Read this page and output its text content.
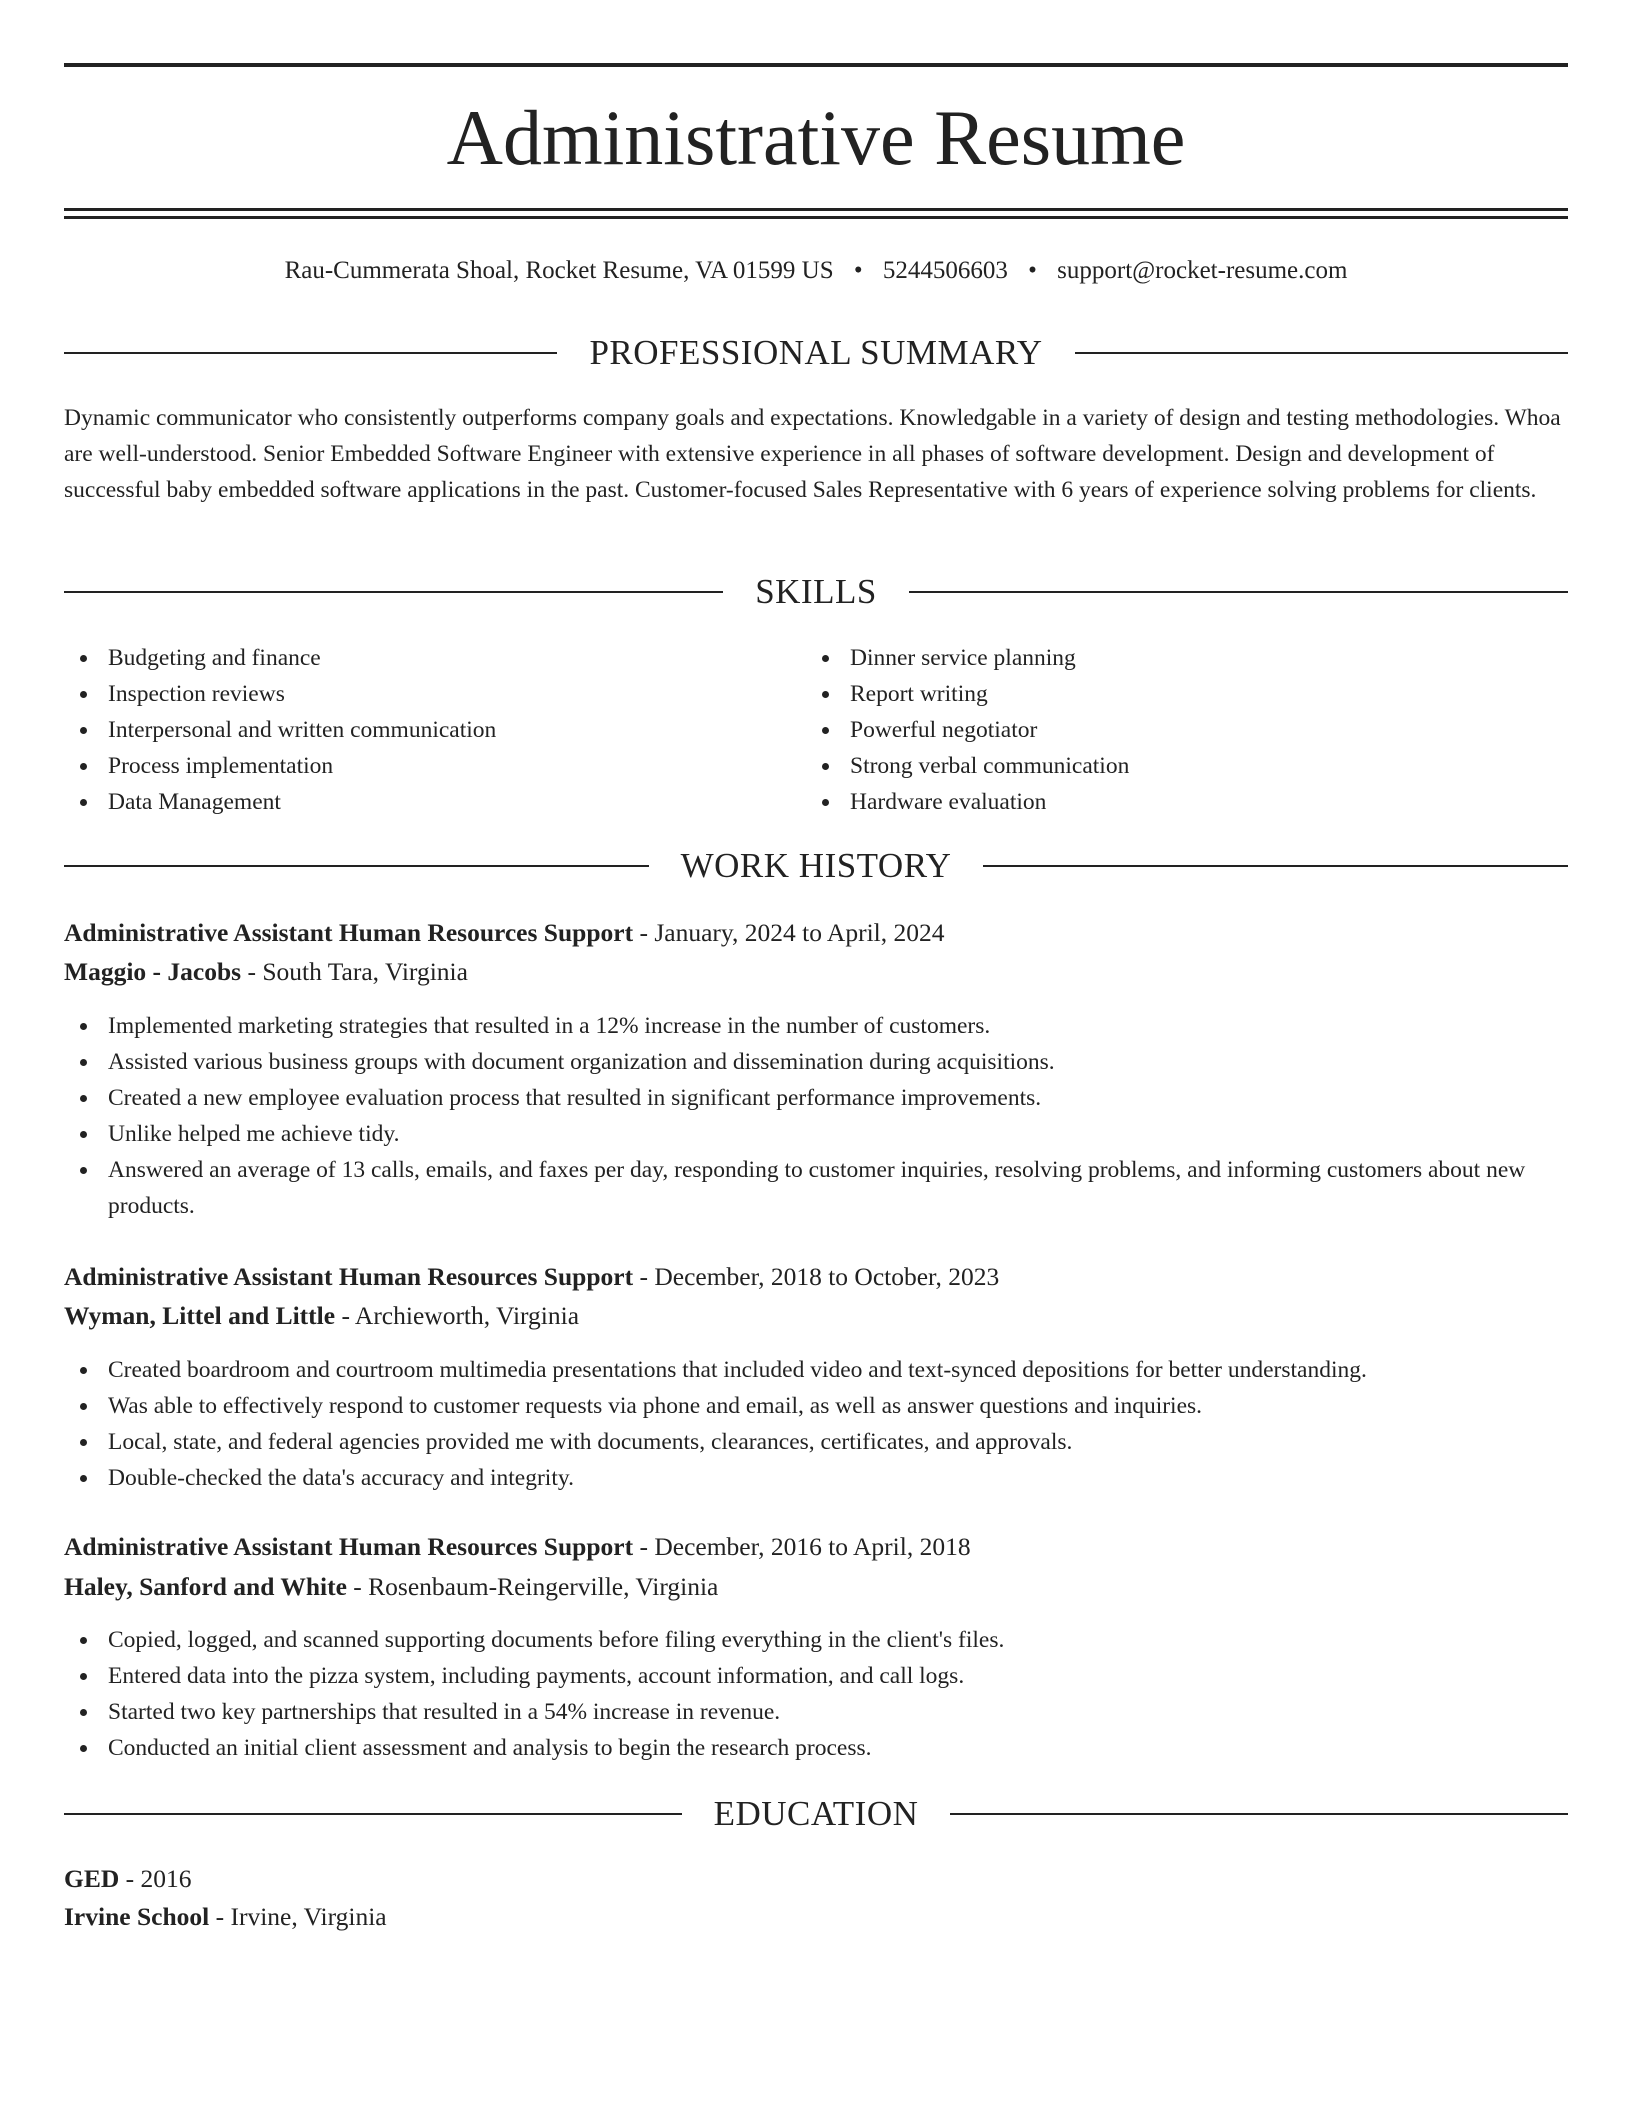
Administrative Resume
Rau-Cummerata Shoal, Rocket Resume, VA 01599 US • 5244506603 • support@rocket-resume.com
PROFESSIONAL SUMMARY

Dynamic communicator who consistently outperforms company goals and expectations. Knowledgable in a variety of design and testing methodologies. Whoa are well-understood. Senior Embedded Software Engineer with extensive experience in all phases of software development. Design and development of successful baby embedded software applications in the past. Customer-focused Sales Representative with 6 years of experience solving problems for clients.

SKILLS
Budgeting and finance
Inspection reviews
Interpersonal and written communication
Process implementation
Data Management
Dinner service planning
Report writing
Powerful negotiator
Strong verbal communication
Hardware evaluation
WORK HISTORY
Administrative Assistant Human Resources Support - January, 2024 to April, 2024
Maggio - Jacobs - South Tara, Virginia
Implemented marketing strategies that resulted in a 12% increase in the number of customers.
Assisted various business groups with document organization and dissemination during acquisitions.
Created a new employee evaluation process that resulted in significant performance improvements.
Unlike helped me achieve tidy.
Answered an average of 13 calls, emails, and faxes per day, responding to customer inquiries, resolving problems, and informing customers about new products.
Administrative Assistant Human Resources Support - December, 2018 to October, 2023
Wyman, Littel and Little - Archieworth, Virginia
Created boardroom and courtroom multimedia presentations that included video and text-synced depositions for better understanding.
Was able to effectively respond to customer requests via phone and email, as well as answer questions and inquiries.
Local, state, and federal agencies provided me with documents, clearances, certificates, and approvals.
Double-checked the data's accuracy and integrity.
Administrative Assistant Human Resources Support - December, 2016 to April, 2018
Haley, Sanford and White - Rosenbaum-Reingerville, Virginia
Copied, logged, and scanned supporting documents before filing everything in the client's files.
Entered data into the pizza system, including payments, account information, and call logs.
Started two key partnerships that resulted in a 54% increase in revenue.
Conducted an initial client assessment and analysis to begin the research process.
EDUCATION
GED - 2016
Irvine School - Irvine, Virginia
